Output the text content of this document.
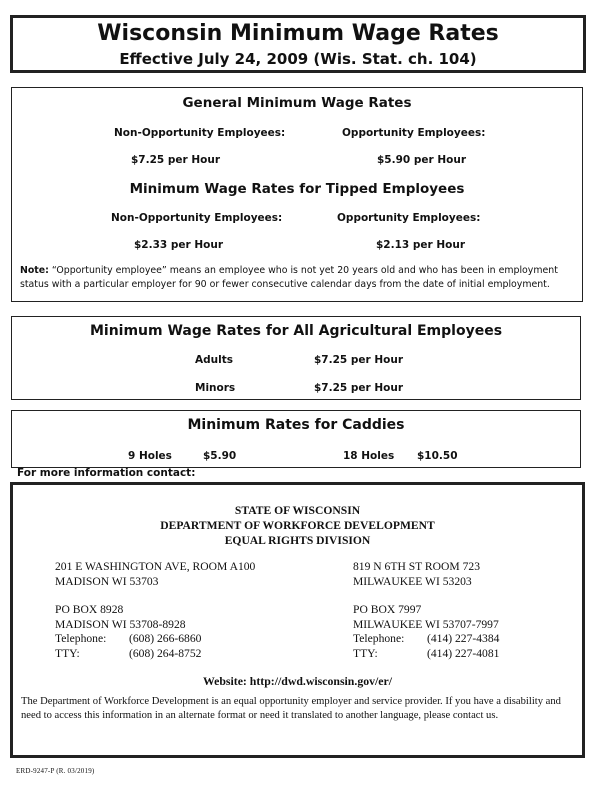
Wisconsin Minimum Wage Rates
Effective July 24, 2009 (Wis. Stat. ch. 104)
General Minimum Wage Rates
Non-Opportunity Employees:	Opportunity Employees:
$7.25 per Hour	$5.90 per Hour
Minimum Wage Rates for Tipped Employees
Non-Opportunity Employees:	Opportunity Employees:
$2.33 per Hour	$2.13 per Hour
Note: “Opportunity employee” means an employee who is not yet 20 years old and who has been in employment status with a particular employer for 90 or fewer consecutive calendar days from the date of initial employment.
Minimum Wage Rates for All Agricultural Employees
Adults	$7.25 per Hour
Minors	$7.25 per Hour
Minimum Rates for Caddies
9 Holes	$5.90	18 Holes $10.50
For more information contact:
STATE OF WISCONSIN
DEPARTMENT OF WORKFORCE DEVELOPMENT
EQUAL RIGHTS DIVISION
201 E WASHINGTON AVE, ROOM A100
MADISON WI 53703
819 N 6TH ST ROOM 723
MILWAUKEE WI 53203
PO BOX 8928
MADISON WI 53708-8928
Telephone: (608) 266-6860
TTY:	(608) 264-8752
PO BOX 7997
MILWAUKEE WI 53707-7997
Telephone: (414) 227-4384
TTY:	(414) 227-4081
Website: http://dwd.wisconsin.gov/er/
The Department of Workforce Development is an equal opportunity employer and service provider. If you have a disability and need to access this information in an alternate format or need it translated to another language, please contact us.
ERD-9247-P (R. 03/2019)
